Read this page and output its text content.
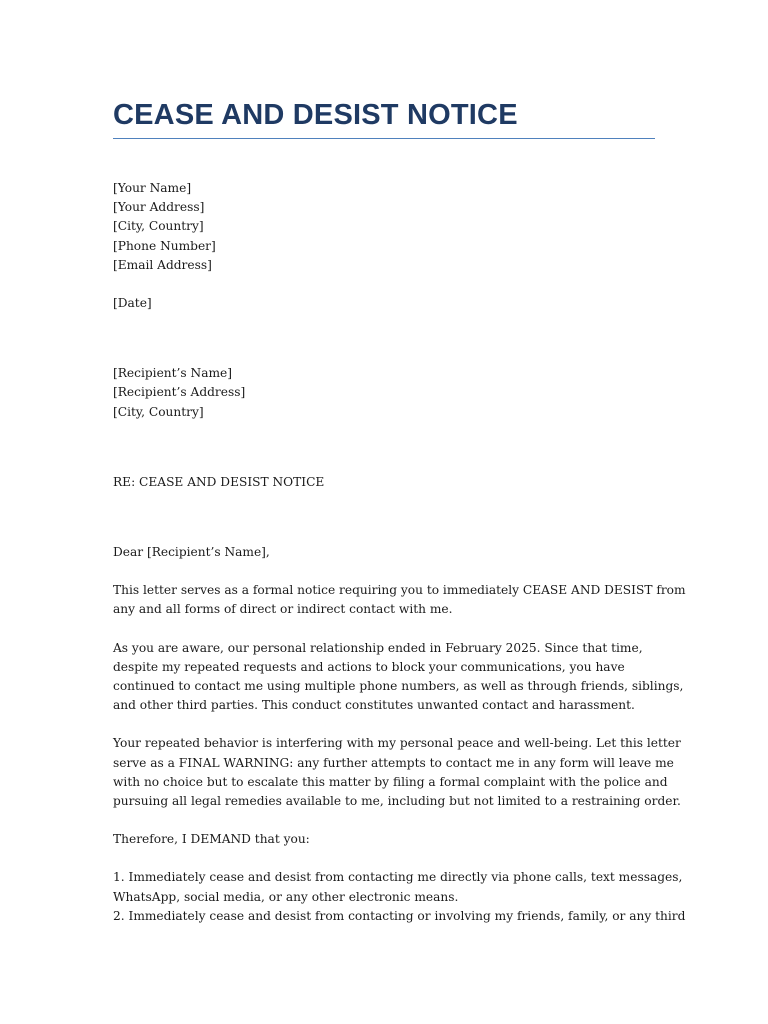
CEASE AND DESIST NOTICE
[Your Name]
[Your Address]
[City, Country]
[Phone Number]
[Email Address]
[Date]
[Recipient’s Name]
[Recipient’s Address]
[City, Country]
RE: CEASE AND DESIST NOTICE
Dear [Recipient’s Name],
This letter serves as a formal notice requiring you to immediately CEASE AND DESIST from
any and all forms of direct or indirect contact with me.
As you are aware, our personal relationship ended in February 2025. Since that time,
despite my repeated requests and actions to block your communications, you have
continued to contact me using multiple phone numbers, as well as through friends, siblings,
and other third parties. This conduct constitutes unwanted contact and harassment.
Your repeated behavior is interfering with my personal peace and well-being. Let this letter
serve as a FINAL WARNING: any further attempts to contact me in any form will leave me
with no choice but to escalate this matter by filing a formal complaint with the police and
pursuing all legal remedies available to me, including but not limited to a restraining order.
Therefore, I DEMAND that you:
1. Immediately cease and desist from contacting me directly via phone calls, text messages,
WhatsApp, social media, or any other electronic means.
2. Immediately cease and desist from contacting or involving my friends, family, or any third
